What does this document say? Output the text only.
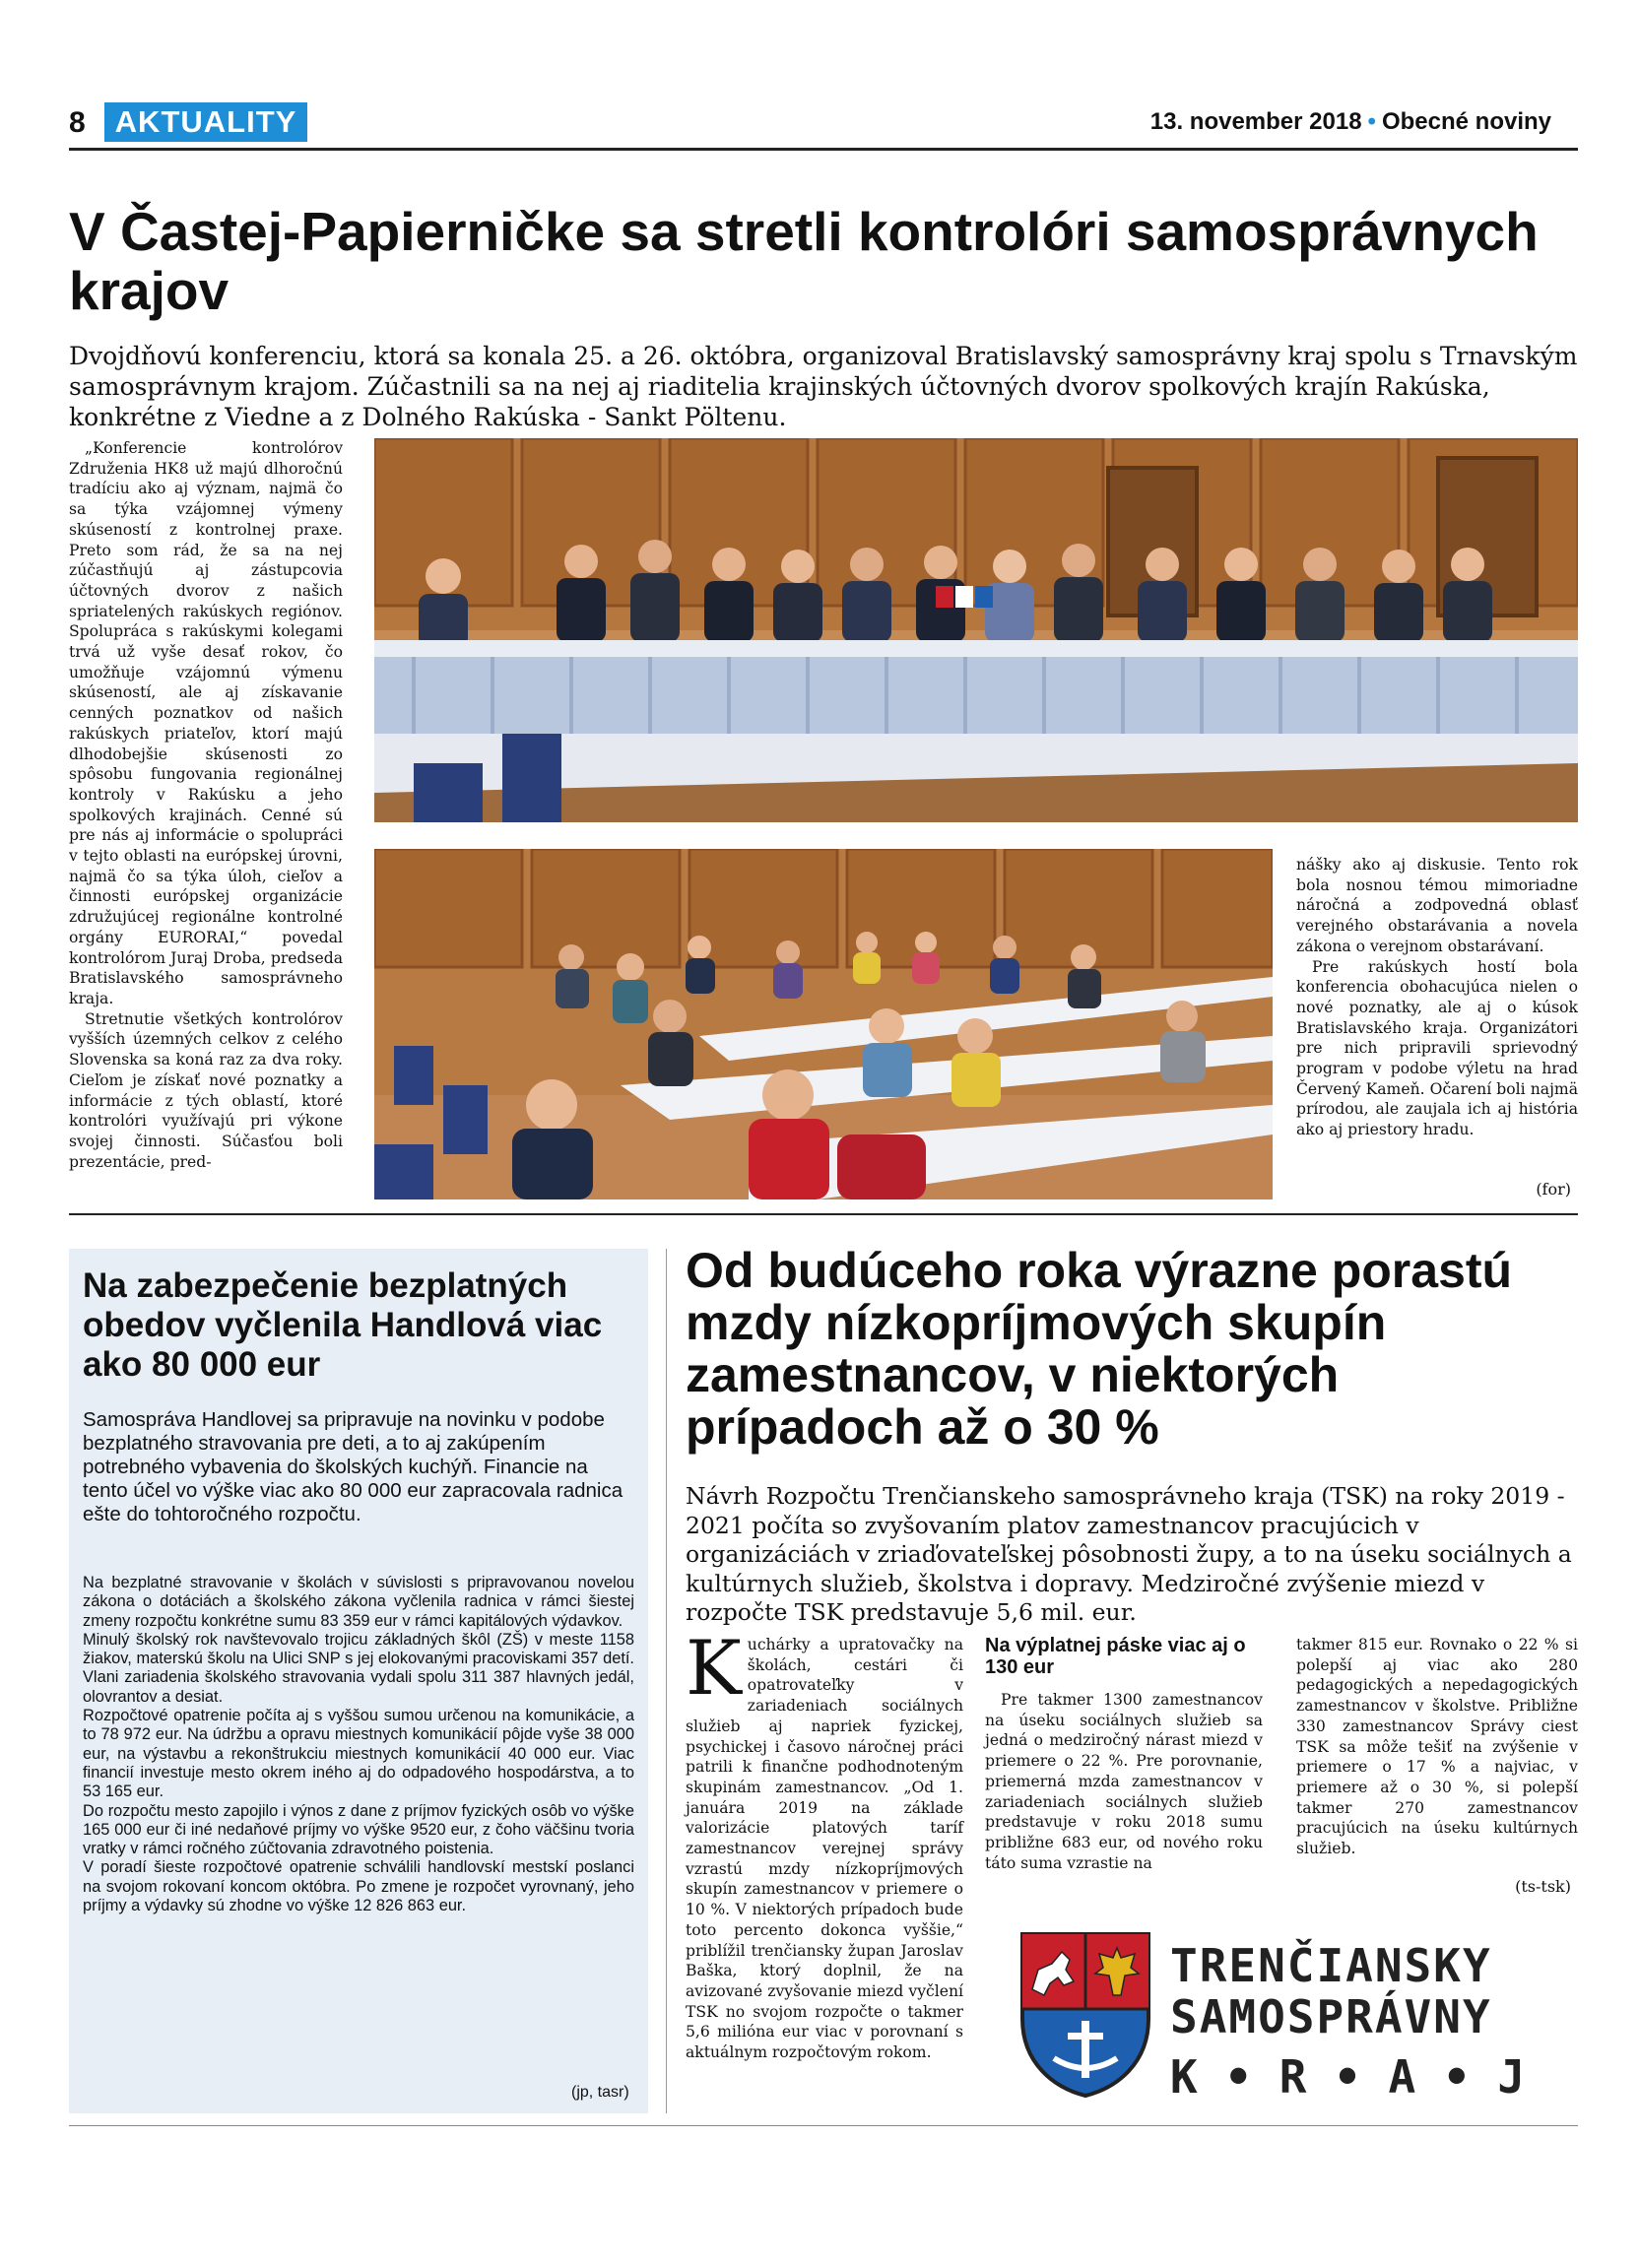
8 AKTUALITY	13. november 2018 • Obecné noviny
V Častej-Papierničke sa stretli kontrolóri samosprávnych krajov

Dvojdňovú konferenciu, ktorá sa konala 25. a 26. októbra, organizoval Bratislavský samosprávny kraj spolu s Trnavským samosprávnym krajom. Zúčastnili sa na nej aj riaditelia krajinských účtovných dvorov spolkových krajín Rakúska, konkrétne z Viedne a z Dolného Rakúska - Sankt Pöltenu.

„Konferencie kontrolórov Združenia HK8 už majú dlhoročnú tradíciu ako aj význam, najmä čo sa týka vzájomnej výmeny skúseností z kontrolnej praxe. Preto som rád, že sa na nej zúčastňujú aj zástupcovia účtovných dvorov z našich spriatelených rakúskych regiónov. Spolupráca s rakúskymi kolegami trvá už vyše desať rokov, čo umožňuje vzájomnú výmenu skúseností, ale aj získavanie cenných poznatkov od našich rakúskych priateľov, ktorí majú dlhodobejšie skúsenosti zo spôsobu fungovania regionálnej kontroly v Rakúsku a jeho spolkových krajinách. Cenné sú pre nás aj informácie o spolupráci v tejto oblasti na európskej úrovni, najmä čo sa týka úloh, cieľov a činnosti európskej organizácie združujúcej regionálne kontrolné orgány EURORAI,“ povedal kontrolórom Juraj Droba, predseda Bratislavského samosprávneho kraja.

Stretnutie všetkých kontrolórov vyšších územných celkov z celého Slovenska sa koná raz za dva roky. Cieľom je získať nové poznatky a informácie z tých oblastí, ktoré kontrolóri využívajú pri výkone svojej činnosti. Súčasťou boli prezentácie, pred-

nášky ako aj diskusie. Tento rok bola nosnou témou mimoriadne náročná a zodpovedná oblasť verejného obstarávania a novela zákona o verejnom obstarávaní.

Pre rakúskych hostí bola konferencia obohacujúca nielen o nové poznatky, ale aj o kúsok Bratislavského kraja. Organizátori pre nich pripravili sprievodný program v podobe výletu na hrad Červený Kameň. Očarení boli najmä prírodou, ale zaujala ich aj história ako aj priestory hradu.

(for)
Na zabezpečenie bezplatných obedov vyčlenila Handlová viac ako 80 000 eur

Samospráva Handlovej sa pripravuje na novinku v podobe bezplatného stravovania pre deti, a to aj zakúpením potrebného vybavenia do školských kuchýň. Financie na tento účel vo výške viac ako 80 000 eur zapracovala radnica ešte do tohtoročného rozpočtu.

Na bezplatné stravovanie v školách v súvislosti s pripravovanou novelou zákona o dotáciách a školského zákona vyčlenila radnica v rámci šiestej zmeny rozpočtu konkrétne sumu 83 359 eur v rámci kapitálových výdavkov.

Minulý školský rok navštevovalo trojicu základných škôl (ZŠ) v meste 1158 žiakov, materskú školu na Ulici SNP s jej elokovanými pracoviskami 357 detí. Vlani zariadenia školského stravovania vydali spolu 311 387 hlavných jedál, olovrantov a desiat.

Rozpočtové opatrenie počíta aj s vyššou sumou určenou na komunikácie, a to 78 972 eur. Na údržbu a opravu miestnych komunikácií pôjde vyše 38 000 eur, na výstavbu a rekonštrukciu miestnych komunikácií 40 000 eur. Viac financií investuje mesto okrem iného aj do odpadového hospodárstva, a to 53 165 eur.

Do rozpočtu mesto zapojilo i výnos z dane z príjmov fyzických osôb vo výške 165 000 eur či iné nedaňové príjmy vo výške 9520 eur, z čoho väčšinu tvoria vratky v rámci ročného zúčtovania zdravotného poistenia.

V poradí šieste rozpočtové opatrenie schválili handlovskí mestskí poslanci na svojom rokovaní koncom októbra. Po zmene je rozpočet vyrovnaný, jeho príjmy a výdavky sú zhodne vo výške 12 826 863 eur.

(jp, tasr)
Od budúceho roka výrazne porastú mzdy nízkopríjmových skupín zamestnancov, v niektorých prípadoch až o 30 %

Návrh Rozpočtu Trenčianskeho samosprávneho kraja (TSK) na roky 2019 - 2021 počíta so zvyšovaním platov zamestnancov pracujúcich v organizáciách v zriaďovateľskej pôsobnosti župy, a to na úseku sociálnych a kultúrnych služieb, školstva i dopravy. Medziročné zvýšenie miezd v rozpočte TSK predstavuje 5,6 mil. eur.

Kuchárky a upratovačky na školách, cestári či opatrovateľky v zariadeniach sociálnych služieb aj napriek fyzickej, psychickej i časovo náročnej práci patrili k finančne podhodnoteným skupinám zamestnancov. „Od 1. januára 2019 na základe valorizácie platových taríf zamestnancov verejnej správy vzrastú mzdy nízkopríjmových skupín zamestnancov v priemere o 10 %. V niektorých prípadoch bude toto percento dokonca vyššie,“ priblížil trenčiansky župan Jaroslav Baška, ktorý doplnil, že na avizované zvyšovanie miezd vyčlení TSK no svojom rozpočte o takmer 5,6 milióna eur viac v porovnaní s aktuálnym rozpočtovým rokom.
Na výplatnej páske viac aj o 130 eur

Pre takmer 1300 zamestnancov na úseku sociálnych služieb sa jedná o medziročný nárast miezd v priemere o 22 %. Pre porovnanie, priemerná mzda zamestnancov v zariadeniach sociálnych služieb predstavuje v roku 2018 sumu približne 683 eur, od nového roku táto suma vzrastie na

takmer 815 eur. Rovnako o 22 % si polepší aj viac ako 280 pedagogických a nepedagogických zamestnancov v školstve. Približne 330 zamestnancov Správy ciest TSK sa môže tešiť na zvýšenie v priemere o 17 % a najviac, v priemere až o 30 %, si polepší takmer 270 zamestnancov pracujúcich na úseku kultúrnych služieb.

(ts-tsk)
TRENČIANSKY
SAMOSPRÁVNY
K • R • A • J
